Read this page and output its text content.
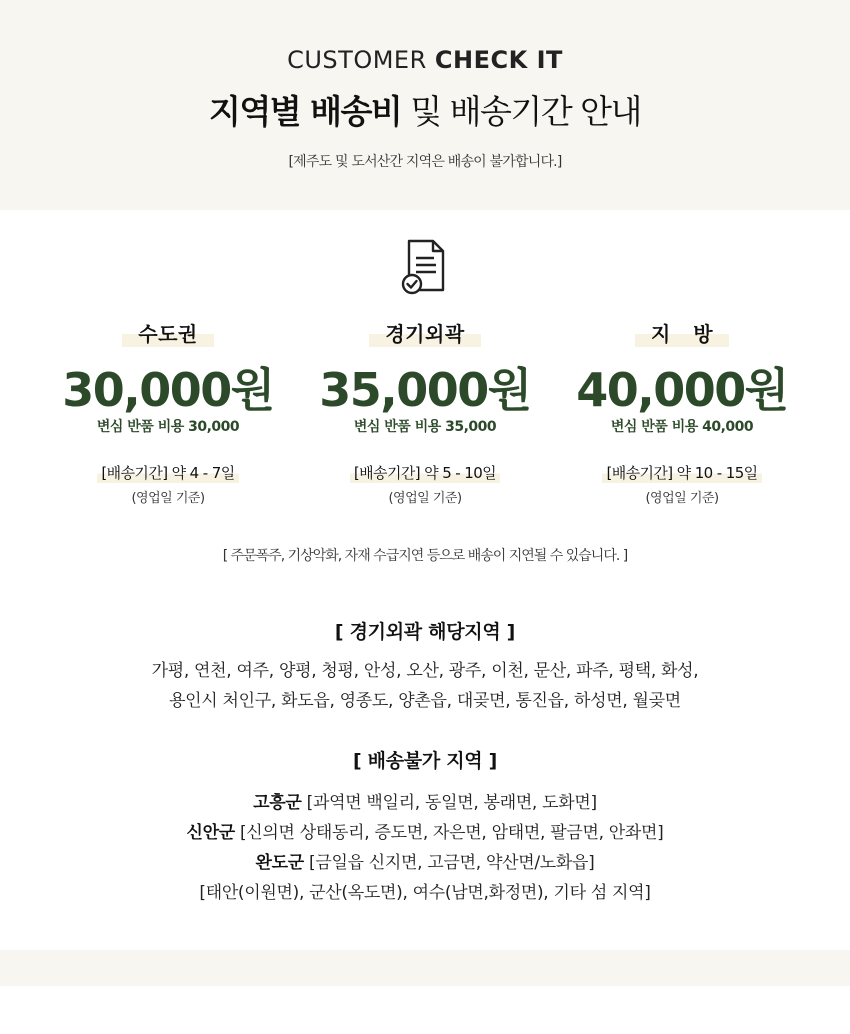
CUSTOMER CHECK IT
지역별 배송비 및 배송기간 안내
[제주도 및 도서산간 지역은 배송이 불가합니다.]
수도권
30,000원
변심 반품 비용 30,000
[배송기간] 약 4 - 7일
(영업일 기준)
경기외곽
35,000원
변심 반품 비용 35,000
[배송기간] 약 5 - 10일
(영업일 기준)
지   방
40,000원
변심 반품 비용 40,000
[배송기간] 약 10 - 15일
(영업일 기준)
[ 주문폭주, 기상악화, 자재 수급지연 등으로 배송이 지연될 수 있습니다. ]
[ 경기외곽 해당지역 ]
가평, 연천, 여주, 양평, 청평, 안성, 오산, 광주, 이천, 문산, 파주, 평택, 화성,
용인시 처인구, 화도읍, 영종도, 양촌읍, 대곶면, 통진읍, 하성면, 월곶면
[ 배송불가 지역 ]
고흥군 [과역면 백일리, 동일면, 봉래면, 도화면]
신안군 [신의면 상태동리, 증도면, 자은면, 암태면, 팔금면, 안좌면]
완도군 [금일읍 신지면, 고금면, 약산면/노화읍]
[태안(이원면), 군산(옥도면), 여수(남면,화정면), 기타 섬 지역]
